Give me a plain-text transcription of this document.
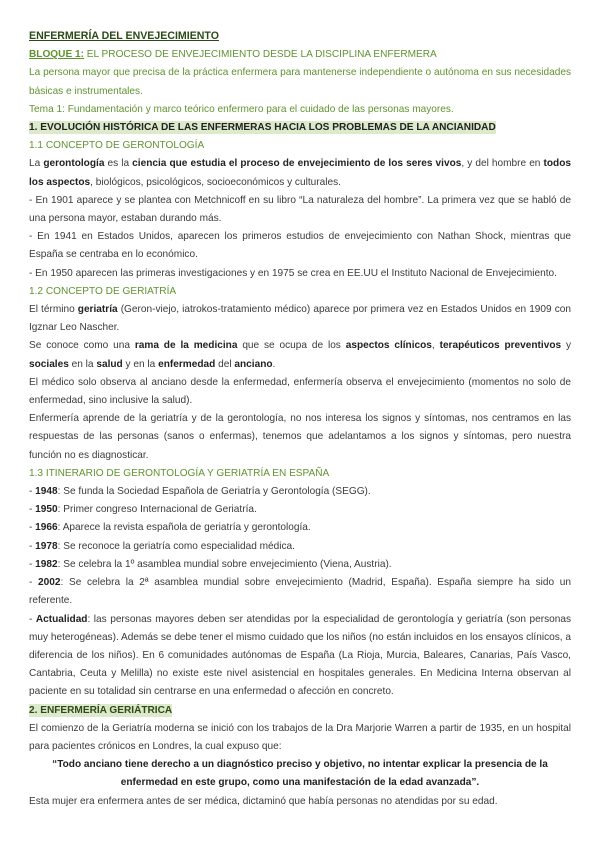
ENFERMERÍA DEL ENVEJECIMIENTO

BLOQUE 1: EL PROCESO DE ENVEJECIMIENTO DESDE LA DISCIPLINA ENFERMERA

La persona mayor que precisa de la práctica enfermera para mantenerse independiente o autónoma en sus necesidades básicas e instrumentales.

Tema 1: Fundamentación y marco teórico enfermero para el cuidado de las personas mayores.

1. EVOLUCIÓN HISTÓRICA DE LAS ENFERMERAS HACIA LOS PROBLEMAS DE LA ANCIANIDAD

1.1 CONCEPTO DE GERONTOLOGÍA

La gerontología es la ciencia que estudia el proceso de envejecimiento de los seres vivos, y del hombre en todos los aspectos, biológicos, psicológicos, socioeconómicos y culturales.

- En 1901 aparece y se plantea con Metchnicoff en su libro “La naturaleza del hombre”. La primera vez que se habló de una persona mayor, estaban durando más.

- En 1941 en Estados Unidos, aparecen los primeros estudios de envejecimiento con Nathan Shock, mientras que España se centraba en lo económico.

- En 1950 aparecen las primeras investigaciones y en 1975 se crea en EE.UU el Instituto Nacional de Envejecimiento.

1.2 CONCEPTO DE GERIATRÍA

El término geriatría (Geron-viejo, iatrokos-tratamiento médico) aparece por primera vez en Estados Unidos en 1909 con Igznar Leo Nascher.

Se conoce como una rama de la medicina que se ocupa de los aspectos clínicos, terapéuticos preventivos y sociales en la salud y en la enfermedad del anciano.

El médico solo observa al anciano desde la enfermedad, enfermería observa el envejecimiento (momentos no solo de enfermedad, sino inclusive la salud).

Enfermería aprende de la geriatría y de la gerontología, no nos interesa los signos y síntomas, nos centramos en las respuestas de las personas (sanos o enfermas), tenemos que adelantamos a los signos y síntomas, pero nuestra función no es diagnosticar.

1.3 ITINERARIO DE GERONTOLOGÍA Y GERIATRÍA EN ESPAÑA

- 1948: Se funda la Sociedad Española de Geriatría y Gerontología (SEGG).

- 1950: Primer congreso Internacional de Geriatría.

- 1966: Aparece la revista española de geriatría y gerontología.

- 1978: Se reconoce la geriatría como especialidad médica.

- 1982: Se celebra la 1º asamblea mundial sobre envejecimiento (Viena, Austria).

- 2002: Se celebra la 2ª asamblea mundial sobre envejecimiento (Madrid, España). España siempre ha sido un referente.

- Actualidad: las personas mayores deben ser atendidas por la especialidad de gerontología y geriatría (son personas muy heterogéneas). Además se debe tener el mismo cuidado que los niños (no están incluidos en los ensayos clínicos, a diferencia de los niños). En 6 comunidades autónomas de España (La Rioja, Murcia, Baleares, Canarias, País Vasco, Cantabria, Ceuta y Melilla) no existe este nivel asistencial en hospitales generales. En Medicina Interna observan al paciente en su totalidad sin centrarse en una enfermedad o afección en concreto.

2. ENFERMERÍA GERIÁTRICA

El comienzo de la Geriatría moderna se inició con los trabajos de la Dra Marjorie Warren a partir de 1935, en un hospital para pacientes crónicos en Londres, la cual expuso que:

“Todo anciano tiene derecho a un diagnóstico preciso y objetivo, no intentar explicar la presencia de la enfermedad en este grupo, como una manifestación de la edad avanzada”.

Esta mujer era enfermera antes de ser médica, dictaminó que había personas no atendidas por su edad.
